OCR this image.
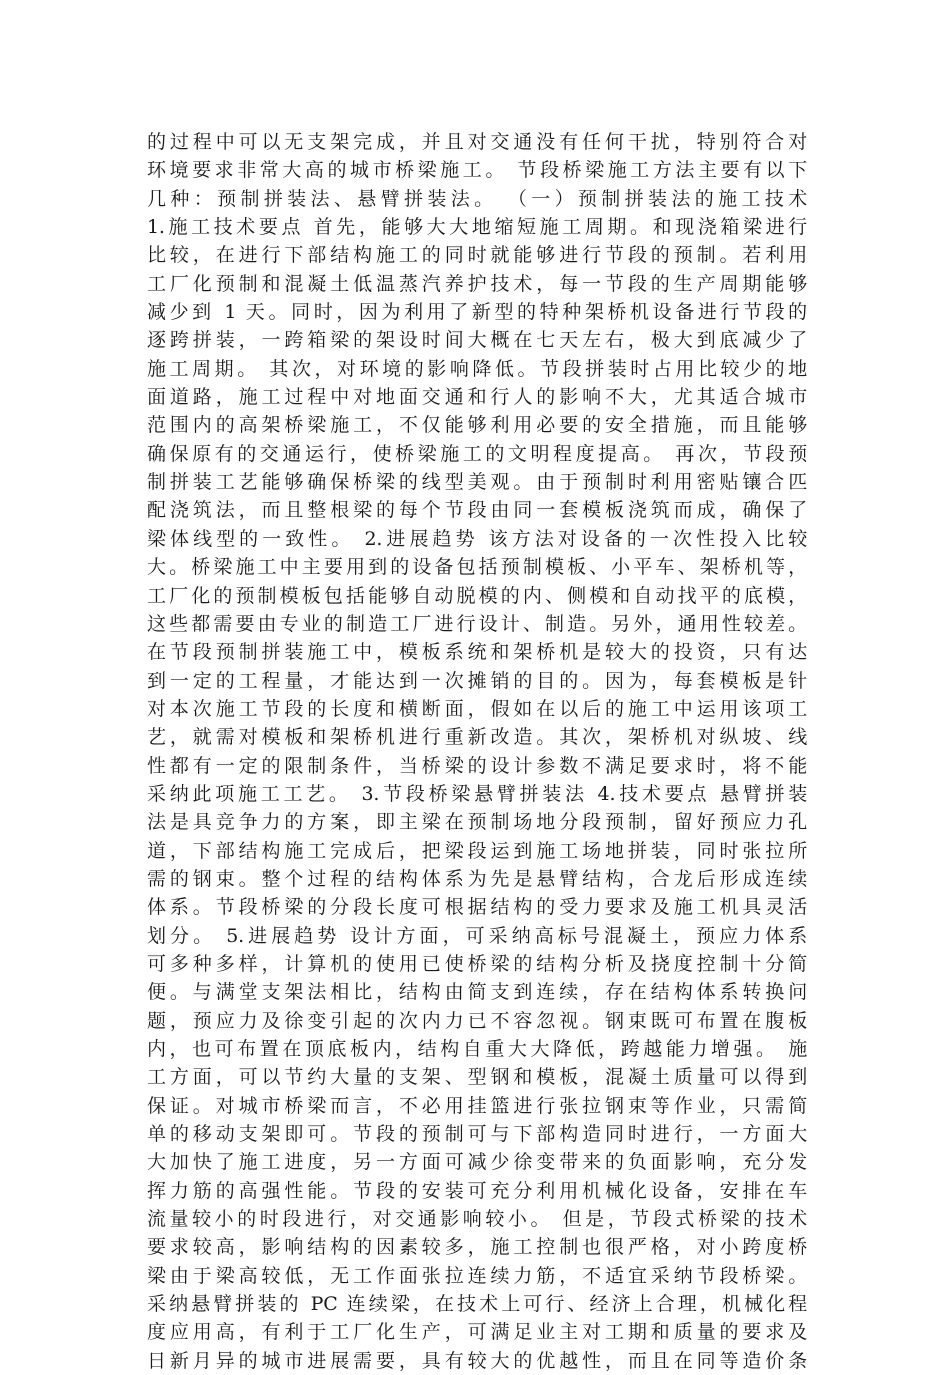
的过程中可以无支架完成，并且对交通没有任何干扰，特别符合对
环境要求非常大高的城市桥梁施工。 节段桥梁施工方法主要有以下
几种：预制拼装法、悬臂拼装法。 （一）预制拼装法的施工技术
1.施工技术要点 首先，能够大大地缩短施工周期。和现浇箱梁进行
比较，在进行下部结构施工的同时就能够进行节段的预制。若利用
工厂化预制和混凝土低温蒸汽养护技术，每一节段的生产周期能够
减少到 1 天。同时，因为利用了新型的特种架桥机设备进行节段的
逐跨拼装，一跨箱梁的架设时间大概在七天左右，极大到底减少了
施工周期。 其次，对环境的影响降低。节段拼装时占用比较少的地
面道路，施工过程中对地面交通和行人的影响不大，尤其适合城市
范围内的高架桥梁施工，不仅能够利用必要的安全措施，而且能够
确保原有的交通运行，使桥梁施工的文明程度提高。 再次，节段预
制拼装工艺能够确保桥梁的线型美观。由于预制时利用密贴镶合匹
配浇筑法，而且整根梁的每个节段由同一套模板浇筑而成，确保了
梁体线型的一致性。 2.进展趋势 该方法对设备的一次性投入比较
大。桥梁施工中主要用到的设备包括预制模板、小平车、架桥机等，
工厂化的预制模板包括能够自动脱模的内、侧模和自动找平的底模，
这些都需要由专业的制造工厂进行设计、制造。另外，通用性较差。
在节段预制拼装施工中，模板系统和架桥机是较大的投资，只有达
到一定的工程量，才能达到一次摊销的目的。因为，每套模板是针
对本次施工节段的长度和横断面，假如在以后的施工中运用该项工
艺，就需对模板和架桥机进行重新改造。其次，架桥机对纵坡、线
性都有一定的限制条件，当桥梁的设计参数不满足要求时，将不能
采纳此项施工工艺。 3.节段桥梁悬臂拼装法 4.技术要点 悬臂拼装
法是具竞争力的方案，即主梁在预制场地分段预制，留好预应力孔
道，下部结构施工完成后，把梁段运到施工场地拼装，同时张拉所
需的钢束。整个过程的结构体系为先是悬臂结构，合龙后形成连续
体系。节段桥梁的分段长度可根据结构的受力要求及施工机具灵活
划分。 5.进展趋势 设计方面，可采纳高标号混凝土，预应力体系
可多种多样，计算机的使用已使桥梁的结构分析及挠度控制十分简
便。与满堂支架法相比，结构由简支到连续，存在结构体系转换问
题，预应力及徐变引起的次内力已不容忽视。钢束既可布置在腹板
内，也可布置在顶底板内，结构自重大大降低，跨越能力增强。 施
工方面，可以节约大量的支架、型钢和模板，混凝土质量可以得到
保证。对城市桥梁而言，不必用挂篮进行张拉钢束等作业，只需简
单的移动支架即可。节段的预制可与下部构造同时进行，一方面大
大加快了施工进度，另一方面可减少徐变带来的负面影响，充分发
挥力筋的高强性能。节段的安装可充分利用机械化设备，安排在车
流量较小的时段进行，对交通影响较小。 但是，节段式桥梁的技术
要求较高，影响结构的因素较多，施工控制也很严格，对小跨度桥
梁由于梁高较低，无工作面张拉连续力筋，不适宜采纳节段桥梁。
采纳悬臂拼装的 PC 连续梁，在技术上可行、经济上合理，机械化程
度应用高，有利于工厂化生产，可满足业主对工期和质量的要求及
日新月异的城市进展需要，具有较大的优越性，而且在同等造价条
